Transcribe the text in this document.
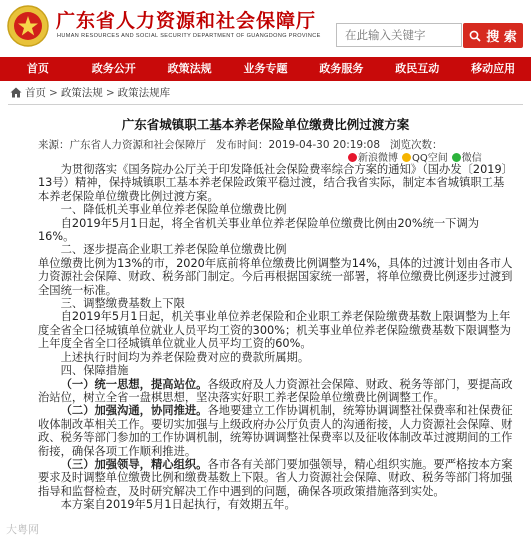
广东省人力资源和社会保障厅
HUMAN RESOURCES AND SOCIAL SECURITY DEPARTMENT OF GUANGDONG PROVINCE
在此输入关键字	搜 索
首页	政务公开	政策法规	业务专题	政务服务	政民互动	移动应用
首页 > 政策法规 > 政策法规库
广东省城镇职工基本养老保险单位缴费比例过渡方案
来源：广东省人力资源和社会保障厅 发布时间：2019-04-30 20:19:08 浏览次数：
新浪微博	QQ空间	微信

为贯彻落实《国务院办公厅关于印发降低社会保险费率综合方案的通知》（国办发〔2019〕13号）精神，保持城镇职工基本养老保险政策平稳过渡，结合我省实际，制定本省城镇职工基本养老保险单位缴费比例过渡方案。

一、降低机关事业单位养老保险单位缴费比例

自2019年5月1日起，将全省机关事业单位养老保险单位缴费比例由20%统一下调为16%。

二、逐步提高企业职工养老保险单位缴费比例

单位缴费比例为13%的市，2020年底前将单位缴费比例调整为14%，具体的过渡计划由各市人力资源社会保障、财政、税务部门制定。今后再根据国家统一部署，将单位缴费比例逐步过渡到全国统一标准。

三、调整缴费基数上下限

自2019年5月1日起，机关事业单位养老保险和企业职工养老保险缴费基数上限调整为上年度全省全口径城镇单位就业人员平均工资的300%；机关事业单位养老保险缴费基数下限调整为上年度全省全口径城镇单位就业人员平均工资的60%。

上述执行时间均为养老保险费对应的费款所属期。

四、保障措施

（一）统一思想，提高站位。各级政府及人力资源社会保障、财政、税务等部门，要提高政治站位，树立全省一盘棋思想，坚决落实好职工养老保险单位缴费比例调整工作。

（二）加强沟通，协同推进。各地要建立工作协调机制，统筹协调调整社保费率和社保费征收体制改革相关工作。要切实加强与上级政府办公厅负责人的沟通衔接，人力资源社会保障、财政、税务等部门参加的工作协调机制，统筹协调调整社保费率以及征收体制改革过渡期间的工作衔接，确保各项工作顺利推进。

（三）加强领导，精心组织。各市各有关部门要加强领导，精心组织实施。要严格按本方案要求及时调整单位缴费比例和缴费基数上下限。省人力资源社会保障、财政、税务等部门将加强指导和监督检查，及时研究解决工作中遇到的问题，确保各项政策措施落到实处。

本方案自2019年5月1日起执行，有效期五年。

大粤网
